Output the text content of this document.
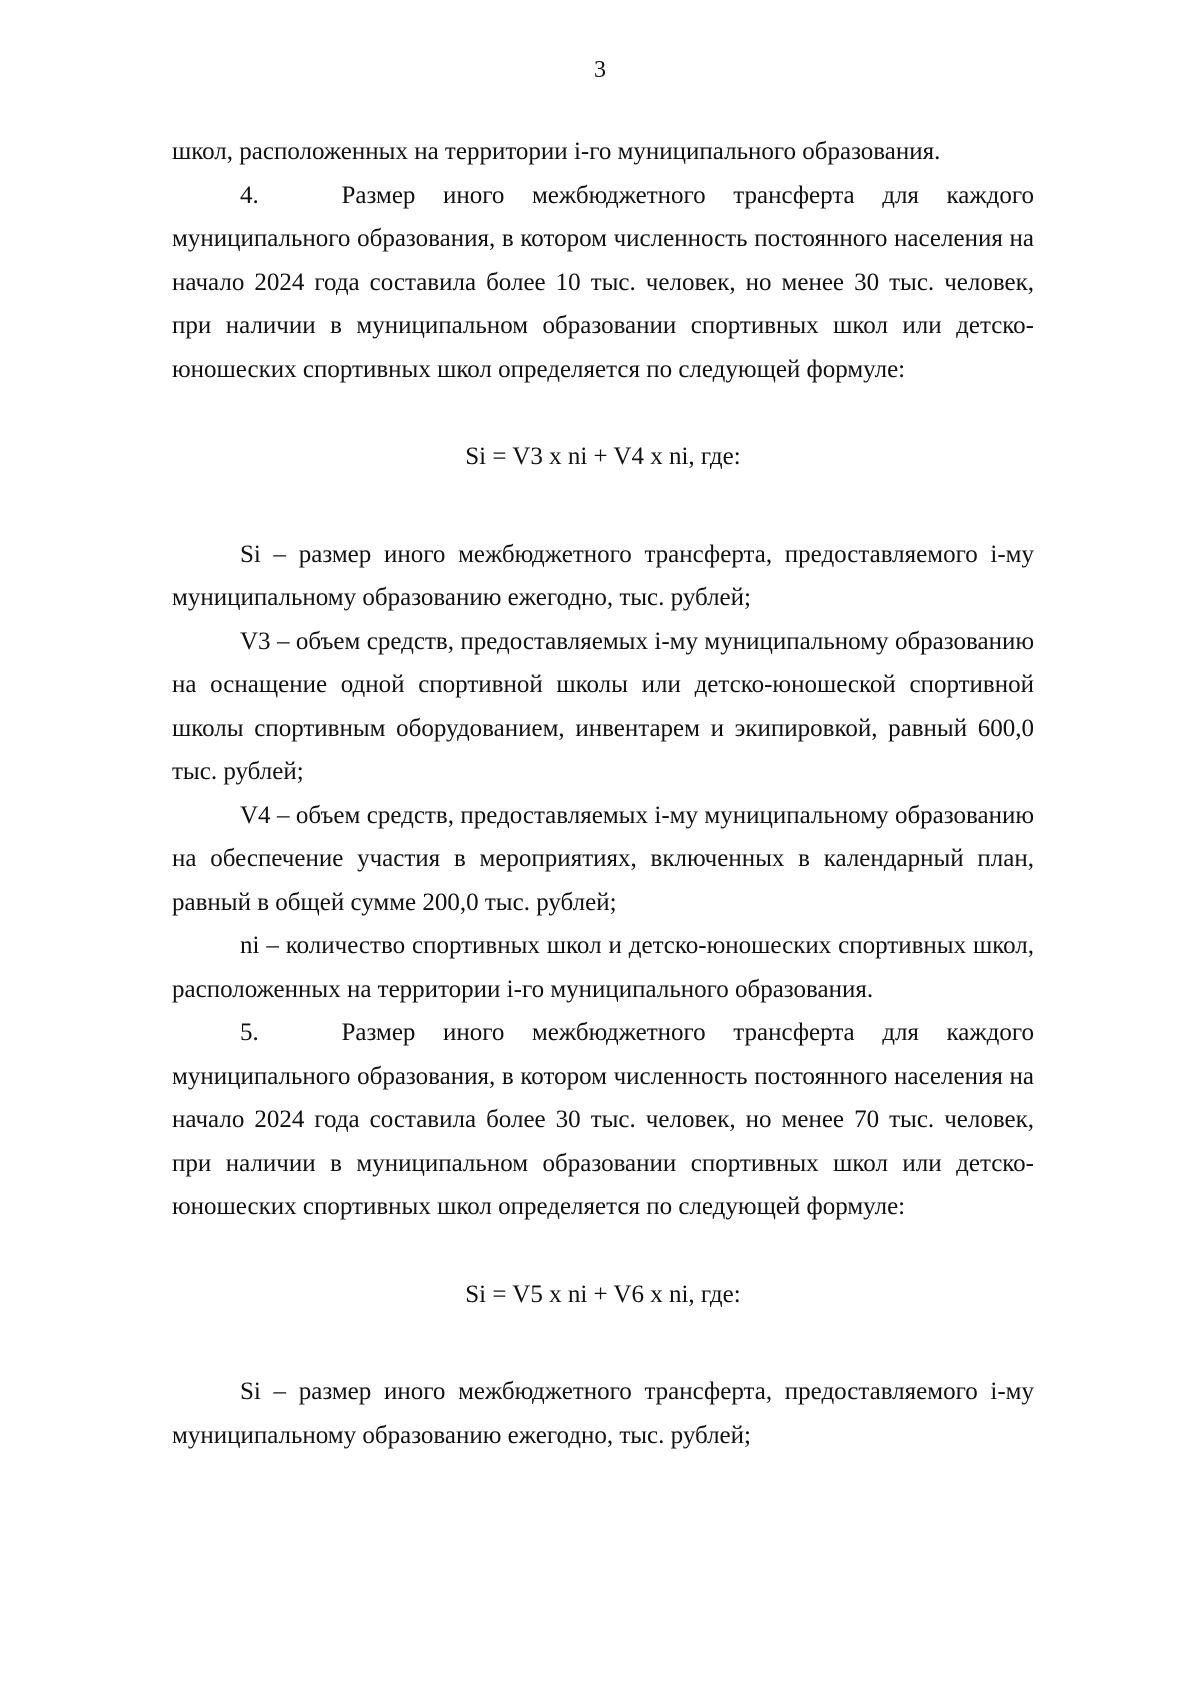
3

школ, расположенных на территории i-го муниципального образования.

4.   Размер иного межбюджетного трансферта для каждого муниципального образования, в котором численность постоянного населения на начало 2024 года составила более 10 тыс. человек, но менее 30 тыс. человек, при наличии в муниципальном образовании спортивных школ или детско-юношеских спортивных школ определяется по следующей формуле:

Si = V3 x ni + V4 x ni, где:

Si – размер иного межбюджетного трансферта, предоставляемого i-му муниципальному образованию ежегодно, тыс. рублей;

V3 – объем средств, предоставляемых i-му муниципальному образованию на оснащение одной спортивной школы или детско-юношеской спортивной школы спортивным оборудованием, инвентарем и экипировкой, равный 600,0 тыс. рублей;

V4 – объем средств, предоставляемых i-му муниципальному образованию на обеспечение участия в мероприятиях, включенных в календарный план, равный в общей сумме 200,0 тыс. рублей;

ni – количество спортивных школ и детско-юношеских спортивных школ, расположенных на территории i-го муниципального образования.

5.   Размер иного межбюджетного трансферта для каждого муниципального образования, в котором численность постоянного населения на начало 2024 года составила более 30 тыс. человек, но менее 70 тыс. человек, при наличии в муниципальном образовании спортивных школ или детско-юношеских спортивных школ определяется по следующей формуле:

Si = V5 x ni + V6 x ni, где:

Si – размер иного межбюджетного трансферта, предоставляемого i-му муниципальному образованию ежегодно, тыс. рублей;
